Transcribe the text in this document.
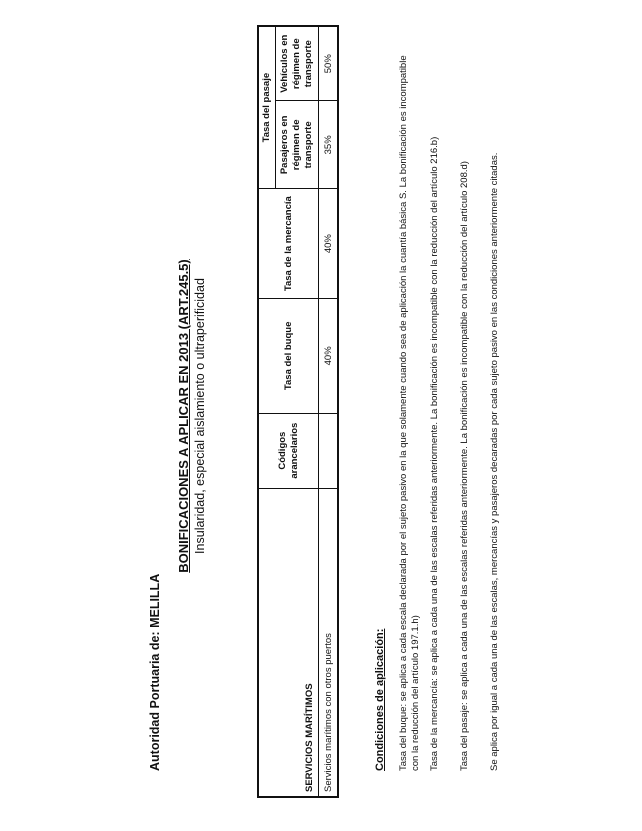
Autoridad Portuaria de: MELILLA
BONIFICACIONES A APLICAR EN 2013 (ART.245.5) Insularidad, especial aislamiento o ultraperificidad
SERVICIOS MARÍTIMOS	Códigos arancelarios	Tasa del buque	Tasa de la mercancía	Tasa del pasaje	
				Pasajeros en régimen de transporte	Vehículos en régimen de transporte
Servicios marítimos con otros puertos		40%	40%	35%	50%
Condiciones de aplicación: Tasa del buque: se aplica a cada escala declarada por el sujeto pasivo en la que solamente cuando sea de aplicación la cuantía básica S. La bonificación es incompatible con la reducción del artículo 197.1.h) Tasa de la mercancía: se aplica a cada una de las escalas referidas anteriormente. La bonificación es incompatible con la reducción del artículo 216.b) Tasa del pasaje: se aplica a cada una de las escalas referidas anteriormente. La bonificación es incompatible con la reducción del artículo 208.d) Se aplica por igual a cada una de las escalas, mercancías y pasajeros decaradas por cada sujeto pasivo en las condiciones anteriormente citadas.
